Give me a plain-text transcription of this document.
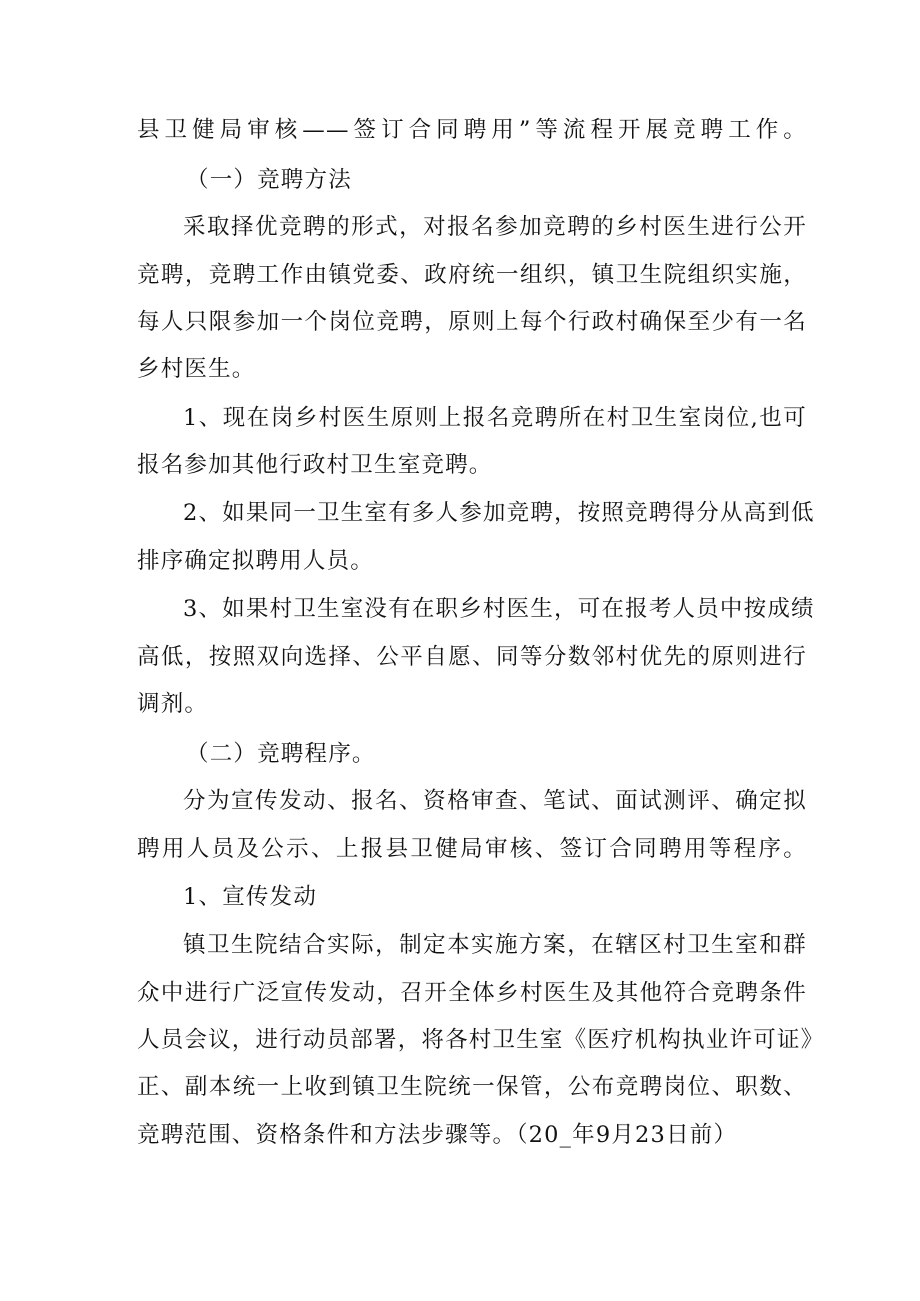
县卫健局审核——签订合同聘用”等流程开展竞聘工作。
（一）竞聘方法
采取择优竞聘的形式，对报名参加竞聘的乡村医生进行公开
竞聘，竞聘工作由镇党委、政府统一组织，镇卫生院组织实施，
每人只限参加一个岗位竞聘，原则上每个行政村确保至少有一名
乡村医生。
1、现在岗乡村医生原则上报名竞聘所在村卫生室岗位,也可
报名参加其他行政村卫生室竞聘。
2、如果同一卫生室有多人参加竞聘，按照竞聘得分从高到低
排序确定拟聘用人员。
3、如果村卫生室没有在职乡村医生，可在报考人员中按成绩
高低，按照双向选择、公平自愿、同等分数邻村优先的原则进行
调剂。
（二）竞聘程序。
分为宣传发动、报名、资格审查、笔试、面试测评、确定拟
聘用人员及公示、上报县卫健局审核、签订合同聘用等程序。
1、宣传发动
镇卫生院结合实际，制定本实施方案，在辖区村卫生室和群
众中进行广泛宣传发动，召开全体乡村医生及其他符合竞聘条件
人员会议，进行动员部署，将各村卫生室《医疗机构执业许可证》
正、副本统一上收到镇卫生院统一保管，公布竞聘岗位、职数、
竞聘范围、资格条件和方法步骤等。（20_年9月23日前）
